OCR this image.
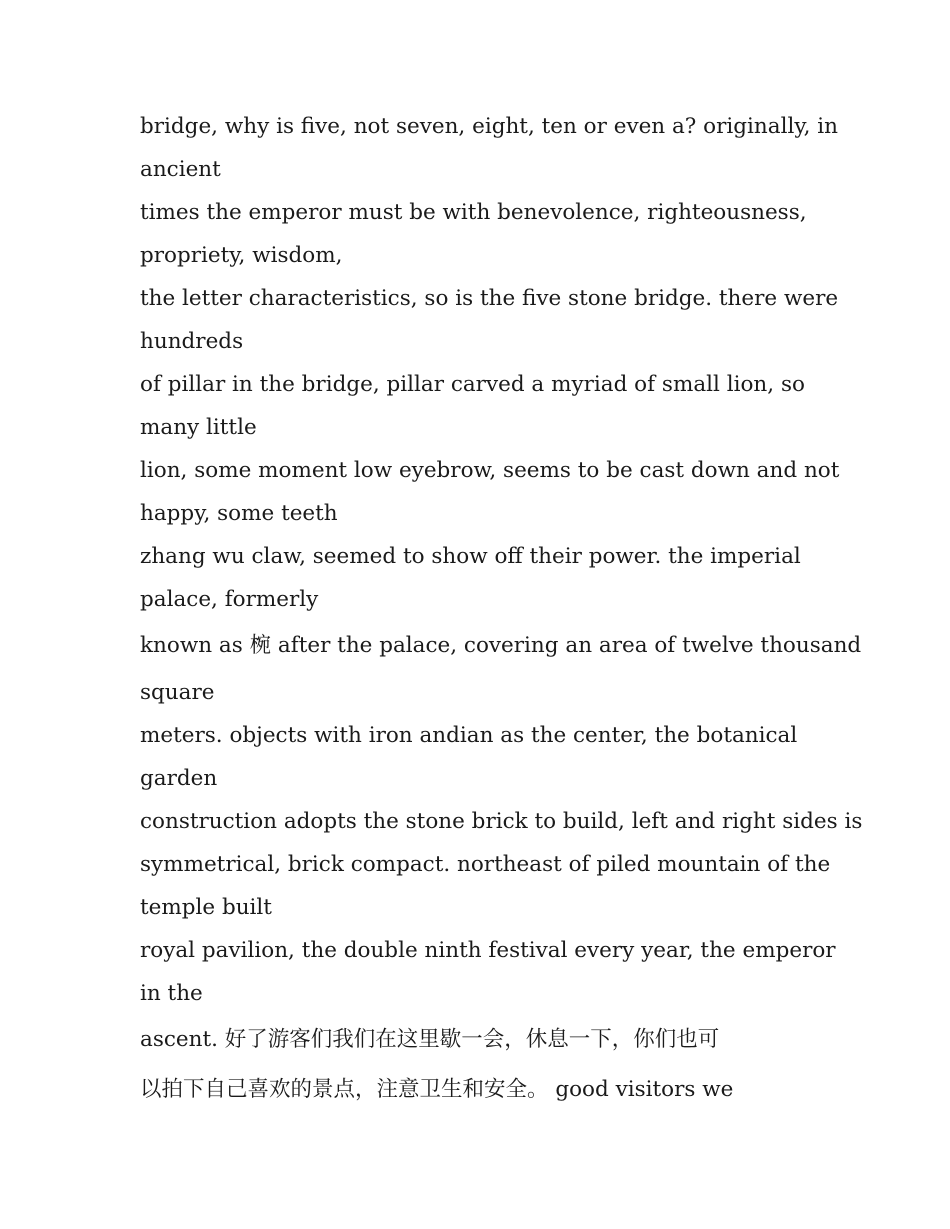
bridge, why is five, not seven, eight, ten or even a? originally, in
ancient
times the emperor must be with benevolence, righteousness,
propriety, wisdom,
the letter characteristics, so is the five stone bridge. there were
hundreds
of pillar in the bridge, pillar carved a myriad of small lion, so
many little
lion, some moment low eyebrow, seems to be cast down and not
happy, some teeth
zhang wu claw, seemed to show off their power. the imperial
palace, formerly
known as 椀 after the palace, covering an area of twelve thousand
square
meters. objects with iron andian as the center, the botanical
garden
construction adopts the stone brick to build, left and right sides is
symmetrical, brick compact. northeast of piled mountain of the
temple built
royal pavilion, the double ninth festival every year, the emperor
in the
ascent. 好了游客们我们在这里歇一会，休息一下，你们也可
以拍下自己喜欢的景点，注意卫生和安全。 good visitors we
